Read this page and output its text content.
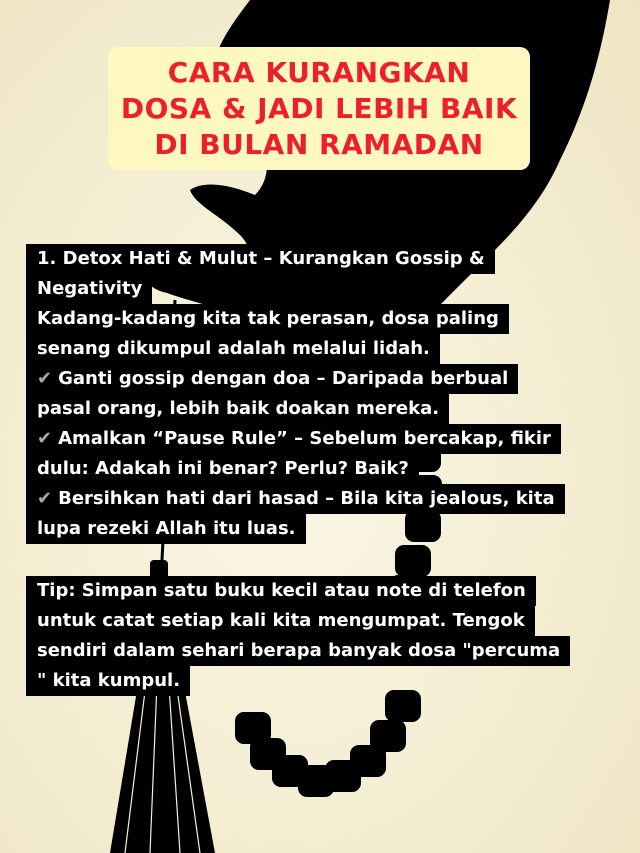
CARA KURANGKAN
DOSA & JADI LEBIH BAIK
DI BULAN RAMADAN
1. Detox Hati & Mulut – Kurangkan Gossip &
Negativity
Kadang-kadang kita tak perasan, dosa paling
senang dikumpul adalah melalui lidah.
✔ Ganti gossip dengan doa – Daripada berbual
pasal orang, lebih baik doakan mereka.
✔ Amalkan “Pause Rule” – Sebelum bercakap, fikir
dulu: Adakah ini benar? Perlu? Baik?
✔ Bersihkan hati dari hasad – Bila kita jealous, kita
lupa rezeki Allah itu luas.
Tip: Simpan satu buku kecil atau note di telefon
untuk catat setiap kali kita mengumpat. Tengok
sendiri dalam sehari berapa banyak dosa "percuma
" kita kumpul.
